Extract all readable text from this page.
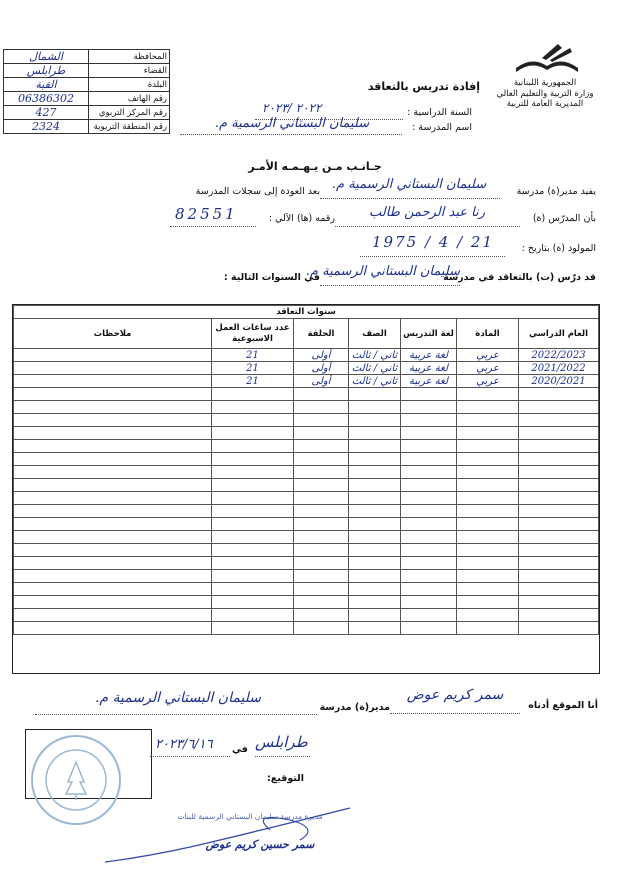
الجمهورية اللبنانية
وزارة التربية والتعليم العالي
المديرية العامة للتربية
إفادة تدريس بالتعاقد
السنة الدراسية :
٢٠٢٢ /٢٠٢٣
اسم المدرسة :
سليمان البستاني الرسمية م.
الشمال	المحافظة
طرابلس	القضاء
القبة	البلدة
06386302	رقم الهاتف
427	رقم المركز التربوي
2324	رقم المنطقة التربوية
جـانـب مـن يـهـمـه الأمـر
يفيد مدير(ة) مدرسة
سليمان البستاني الرسمية م.
بعد العودة إلى سجلات المدرسة
بأن المدرّس (ة)
رنا عبد الرحمن طالب
رقمه (ها) الآلي :
82551
المولود (ة) بتاريخ :
1975 / 4 / 21
قد درّس (ت) بالتعاقد في مدرسة
سليمان البستاني الرسمية م.
في السنوات التالية :
سنوات التعاقد						
العام الدراسي	المادة	لغة التدريس	الصف	الحلقة	عدد ساعات العمل الاسبوعية	ملاحظات
2022/2023	عربي	لغة عربية	ثاني / ثالث	أولى	21	
2021/2022	عربي	لغة عربية	ثاني / ثالث	أولى	21	
2020/2021	عربي	لغة عربية	ثاني / ثالث	أولى	21	

أنا الموقع أدناه
سمر كريم عوض
مدير(ة) مدرسة
سليمان البستاني الرسمية م.
طرابلس
في
٢٠٢٣/٦/١٦
التوقيع:
مديرة مدرسة سليمان البستاني الرسمية للبنات
سمر حسين كريم عوض
